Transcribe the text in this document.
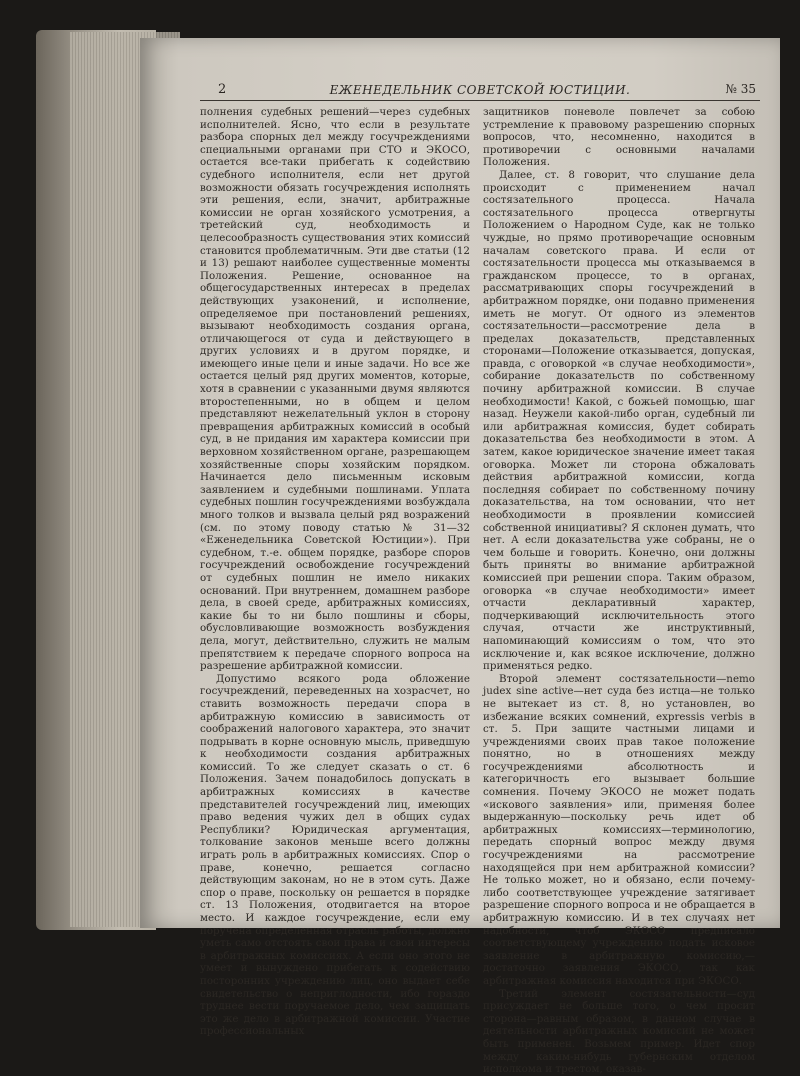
2	ЕЖЕНЕДЕЛЬНИК СОВЕТСКОЙ ЮСТИЦИИ.	№ 35

полнения судебных решений—через судебных исполнителей. Ясно, что если в результате разбора спорных дел между госучреждениями специальными органами при СТО и ЭКОСО, остается все-таки прибегать к содействию судебного исполнителя, если нет другой возможности обязать госучреждения исполнять эти решения, если, значит, арбитражные комиссии не орган хозяйского усмотрения, а третейский суд, необходимость и целесообразность существования этих комиссий становится проблематичным. Эти две статьи (12 и 13) решают наиболее существенные моменты Положения. Решение, основанное на общегосударственных интересах в пределах действующих узаконений, и исполнение, определяемое при постановлений решениях, вызывают необходимость создания органа, отличающегося от суда и действующего в других условиях и в другом порядке, и имеющего иные цели и иные задачи. Но все же остается целый ряд других моментов, которые, хотя в сравнении с указанными двумя являются второстепенными, но в общем и целом представляют нежелательный уклон в сторону превращения арбитражных комиссий в особый суд, в не придания им характера комиссии при верховном хозяйственном органе, разрешающем хозяйственные споры хозяйским порядком. Начинается дело письменным исковым заявлением и судебными пошлинами. Уплата судебных пошлин госучреждениями возбуждала много толков и вызвала целый ряд возражений (см. по этому поводу статью № 31—32 «Еженедельника Советской Юстиции»). При судебном, т.-е. общем порядке, разборе споров госучреждений освобождение госучреждений от судебных пошлин не имело никаких оснований. При внутреннем, домашнем разборе дела, в своей среде, арбитражных комиссиях, какие бы то ни было пошлины и сборы, обусловливающие возможность возбуждения дела, могут, действительно, служить не малым препятствием к передаче спорного вопроса на разрешение арбитражной комиссии.

Допустимо всякого рода обложение госучреждений, переведенных на хозрасчет, но ставить возможность передачи спора в арбитражную комиссию в зависимость от соображений налогового характера, это значит подрывать в корне основную мысль, приведшую к необходимости создания арбитражных комиссий. То же следует сказать о ст. 6 Положения. Зачем понадобилось допускать в арбитражных комиссиях в качестве представителей госучреждений лиц, имеющих право ведения чужих дел в общих судах Республики? Юридическая аргументация, толкование законов меньше всего должны играть роль в арбитражных комиссиях. Спор о праве, конечно, решается согласно действующим законам, но не в этом суть. Даже спор о праве, поскольку он решается в порядке ст. 13 Положения, отодвигается на второе место. И каждое госучреждение, если ему поручена определенная отрасль работы, должно уметь само отстоять свои права и свои интересы в арбитражных комиссиях. А если оно этого не умеет и вынуждено прибегать к содействию посторонних учреждению лиц, оно выдает себе свидетельство о неприглодности, ибо гораздо труднее вести поручаемое дело, чем защищать это же дело в арбитражной комиссии. Участие профессиональных

защитников поневоле повлечет за собою устремление к правовому разрешению спорных вопросов, что, несомненно, находится в противоречии с основными началами Положения.

Далее, ст. 8 говорит, что слушание дела происходит с применением начал состязательного процесса. Начала состязательного процесса отвергнуты Положением о Народном Суде, как не только чуждые, но прямо противоречащие основным началам советского права. И если от состязательности процесса мы отказываемся в гражданском процессе, то в органах, рассматривающих споры госучреждений в арбитражном порядке, они подавно применения иметь не могут. От одного из элементов состязательности—рассмотрение дела в пределах доказательств, представленных сторонами—Положение отказывается, допуская, правда, с оговоркой «в случае необходимости», собирание доказательств по собственному почину арбитражной комиссии. В случае необходимости! Какой, с божьей помощью, шаг назад. Неужели какой-либо орган, судебный ли или арбитражная комиссия, будет собирать доказательства без необходимости в этом. А затем, какое юридическое значение имеет такая оговорка. Может ли сторона обжаловать действия арбитражной комиссии, когда последняя собирает по собственному почину доказательства, на том основании, что нет необходимости в проявлении комиссией собственной инициативы? Я склонен думать, что нет. А если доказательства уже собраны, не о чем больше и говорить. Конечно, они должны быть приняты во внимание арбитражной комиссией при решении спора. Таким образом, оговорка «в случае необходимости» имеет отчасти декларативный характер, подчеркивающий исключительность этого случая, отчасти же инструктивный, напоминающий комиссиям о том, что это исключение и, как всякое исключение, должно применяться редко.

Второй элемент состязательности—nemo judex sine active—нет суда без истца—не только не вытекает из ст. 8, но установлен, во избежание всяких сомнений, expressis verbis в ст. 5. При защите частными лицами и учреждениями своих прав такое положение понятно, но в отношениях между госучреждениями абсолютность и категоричность его вызывает большие сомнения. Почему ЭКОСО не может подать «искового заявления» или, применяя более выдержанную—поскольку речь идет об арбитражных комиссиях—терминологию, передать спорный вопрос между двумя госучреждениями на рассмотрение находящейся при нем арбитражной комиссии? Не только может, но и обязано, если почему-либо соответствующее учреждение затягивает разрешение спорного вопроса и не обращается в арбитражную комиссию. И в тех случаях нет надобности, чтоб ЭКОСО предписало соответствующему учреждению подать исковое заявление в арбитражную комиссию,—достаточно заявления ЭКОСО, так как арбитражная комиссия находится при ЭКОСО.

Третий элемент состязательности—суд присуждает не больше того, о чем просит сторона—равным образом, в данном случае в деятельности арбитражных комиссий не может быть применен. Возьмем пример. Идет спор между каким-нибудь губернским отделом исполкома и трестом, оказав-
